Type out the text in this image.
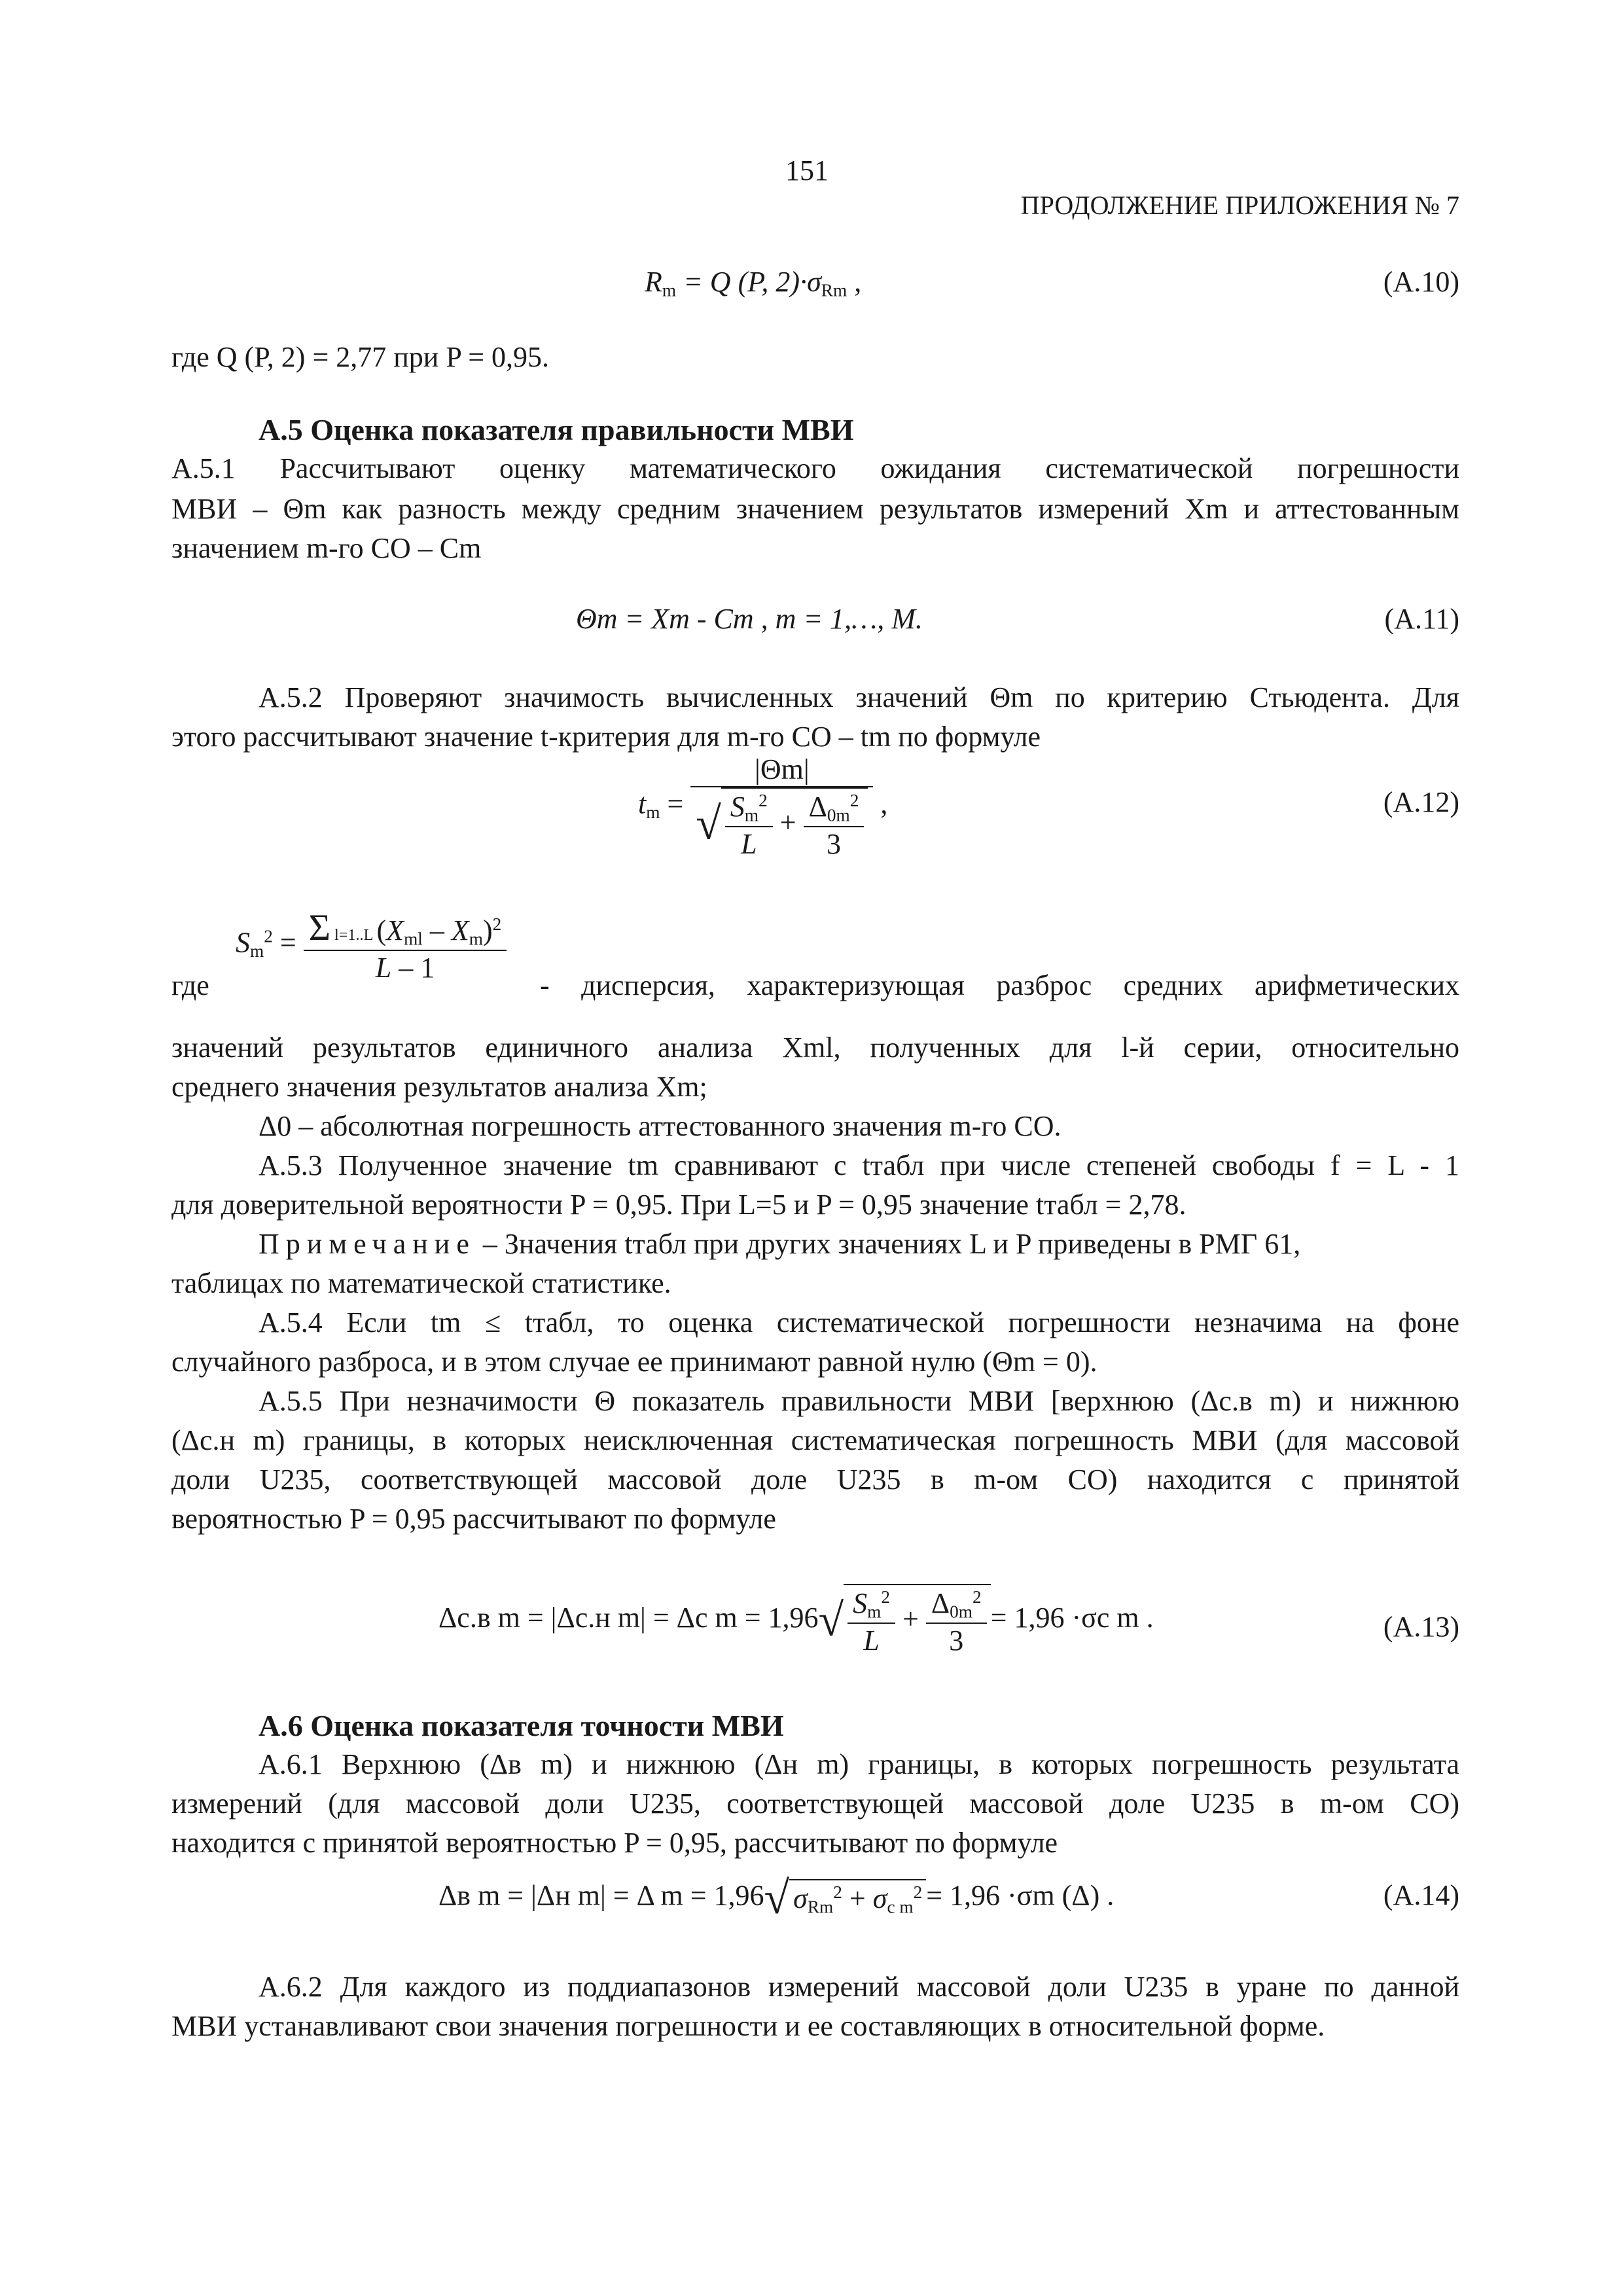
151
ПРОДОЛЖЕНИЕ ПРИЛОЖЕНИЯ № 7
$R_m = Q$ (P, $2)\cdot\sigma_{Rm}$ ,	(А.10)
где Q (P, 2) = 2,77 при P = 0,95.
А.5 Оценка показателя правильности МВИ
А.5.1 Рассчитывают оценку математического ожидания систематической погрешности
МВИ – Θm как разность между средним значением результатов измерений Xm и аттестованным
значением m-го СО – Cm
Θm = Xm - Cm , m = 1,…, M.	(А.11)
А.5.2 Проверяют значимость вычисленных значений Θm по критерию Стьюдента. Для
этого рассчитывают значение t-критерия для m-го СО – tm по формуле
$t_m = \frac{|\Theta m|}{√ \frac{S_m^2}{L} + \frac{\Delta_{0m}^2}{3}}$ ,	(А.12)
где
$S_m^2 = \frac{\Sigma l=1..L (X_{ml} - X_m)^2}{L - 1}$
- дисперсия, характеризующая разброс средних арифметических
значений результатов единичного анализа Xml, полученных для l-й серии, относительно
среднего значения результатов анализа Xm;
Δ0 – абсолютная погрешность аттестованного значения m-го СО.
А.5.3 Полученное значение tm сравнивают с tтабл при числе степеней свободы f = L - 1
для доверительной вероятности P = 0,95. При L=5 и P = 0,95 значение tтабл = 2,78.
Примечание – Значения tтабл при других значениях L и P приведены в РМГ 61,
таблицах по математической статистике.
А.5.4 Если tm ≤ tтабл, то оценка систематической погрешности незначима на фоне
случайного разброса, и в этом случае ее принимают равной нулю (Θm = 0).
А.5.5 При незначимости Θ показатель правильности МВИ [верхнюю (Δс.в m) и нижнюю
(Δс.н m) границы, в которых неисключенная систематическая погрешность МВИ (для массовой
доли U235, соответствующей массовой доле U235 в m-ом СО) находится с принятой
вероятностью P = 0,95 рассчитывают по формуле
Δс.в m = |Δс.н m| = Δс $m = 1,96√ \frac{S_m^2}{L} + \frac{\Delta_{0m}^2}{3} = 1,96 \cdot\sigma с$ m .	(А.13)
А.6 Оценка показателя точности МВИ
А.6.1 Верхнюю (Δв m) и нижнюю (Δн m) границы, в которых погрешность результата
измерений (для массовой доли U235, соответствующей массовой доле U235 в m-ом СО)
находится с принятой вероятностью P = 0,95, рассчитывают по формуле
Δв m = |Δн m| = Δ m = 1,96√ $\sigma_{Rm}^2 + \sigma_{c m}^2 = 1,96 \cdot\sigma m$ (Δ) .	(А.14)
А.6.2 Для каждого из поддиапазонов измерений массовой доли U235 в уране по данной
МВИ устанавливают свои значения погрешности и ее составляющих в относительной форме.
